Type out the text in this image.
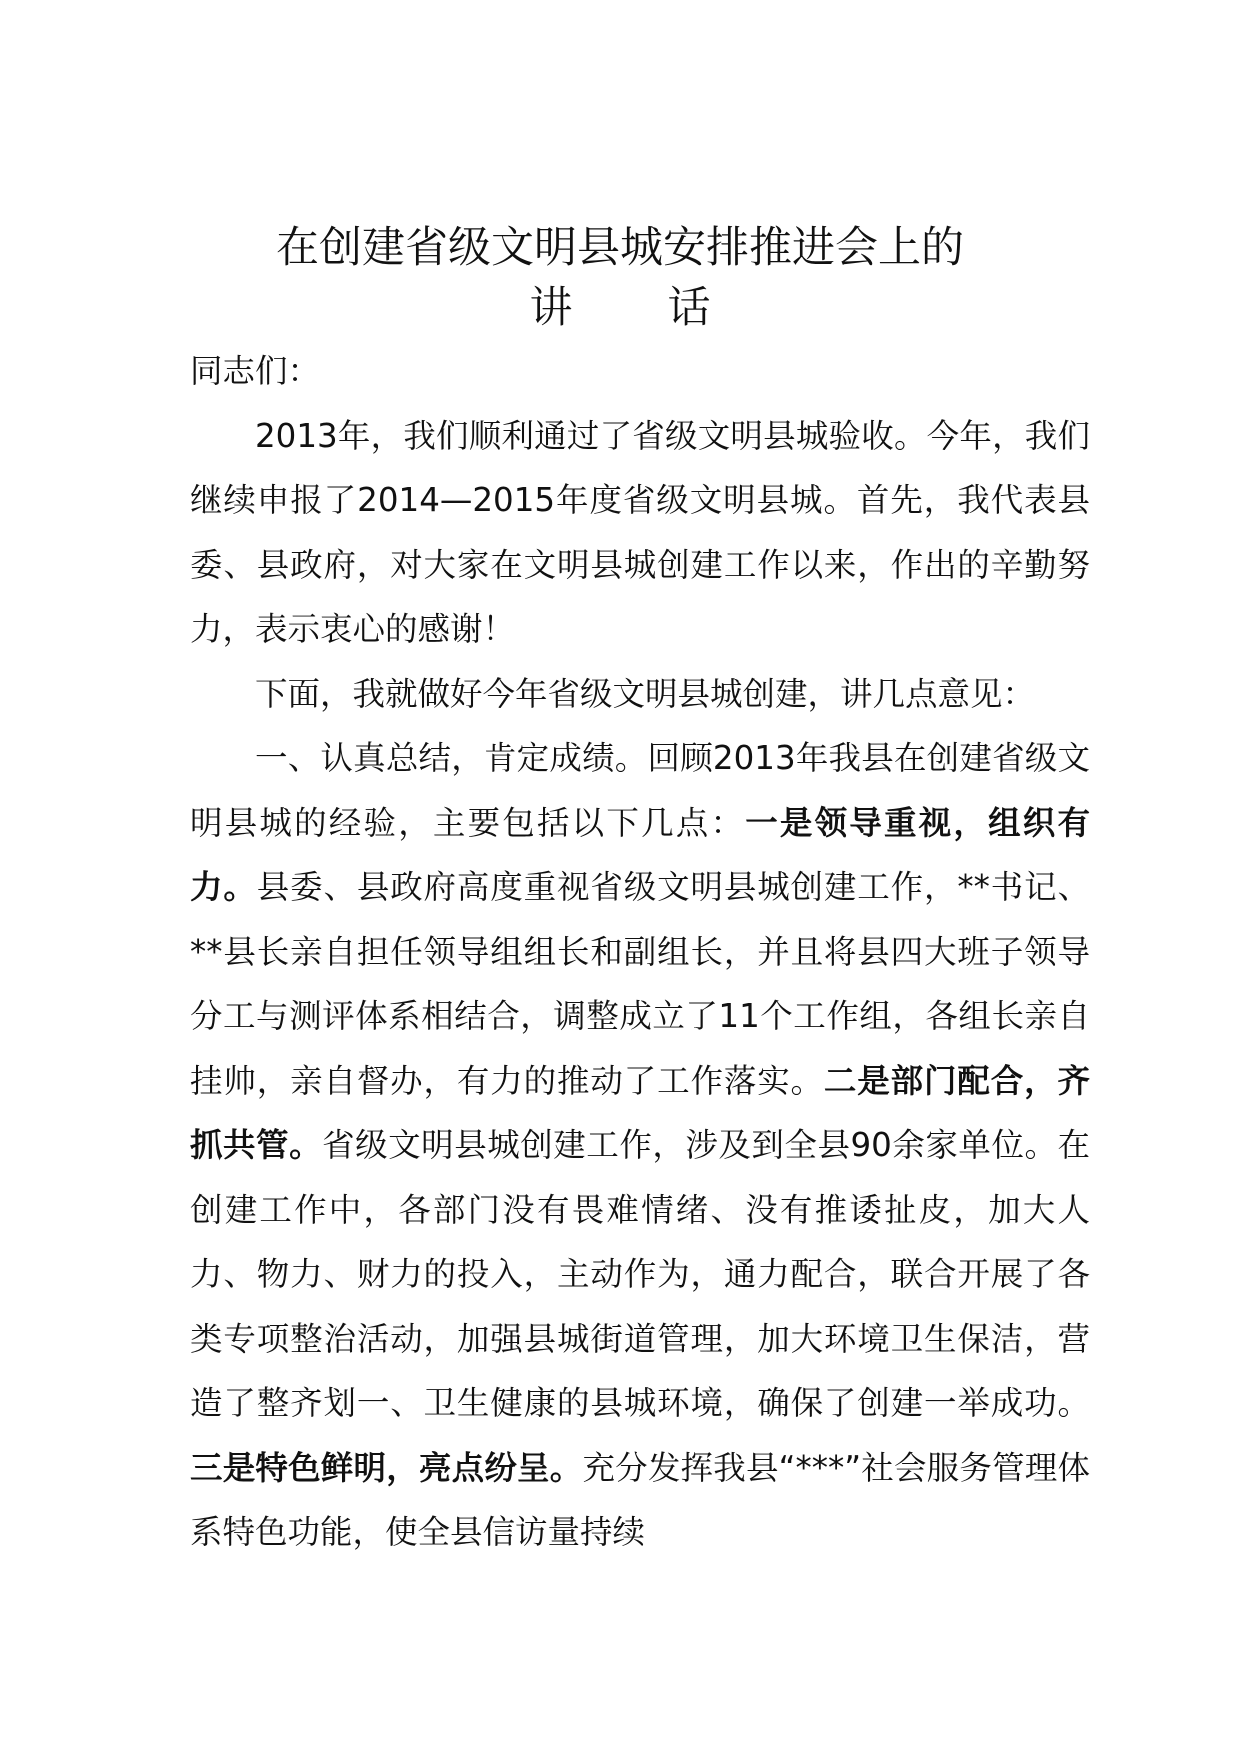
在创建省级文明县城安排推进会上的
讲 话

同志们：

2013年，我们顺利通过了省级文明县城验收。今年，我们继续申报了2014—2015年度省级文明县城。首先，我代表县委、县政府，对大家在文明县城创建工作以来，作出的辛勤努力，表示衷心的感谢！

下面，我就做好今年省级文明县城创建，讲几点意见：

一、认真总结，肯定成绩。回顾2013年我县在创建省级文明县城的经验，主要包括以下几点：一是领导重视，组织有力。县委、县政府高度重视省级文明县城创建工作，**书记、**县长亲自担任领导组组长和副组长，并且将县四大班子领导分工与测评体系相结合，调整成立了11个工作组，各组长亲自挂帅，亲自督办，有力的推动了工作落实。二是部门配合，齐抓共管。省级文明县城创建工作，涉及到全县90余家单位。在创建工作中，各部门没有畏难情绪、没有推诿扯皮，加大人力、物力、财力的投入，主动作为，通力配合，联合开展了各类专项整治活动，加强县城街道管理，加大环境卫生保洁，营造了整齐划一、卫生健康的县城环境，确保了创建一举成功。三是特色鲜明，亮点纷呈。充分发挥我县“***”社会服务管理体系特色功能，使全县信访量持续
